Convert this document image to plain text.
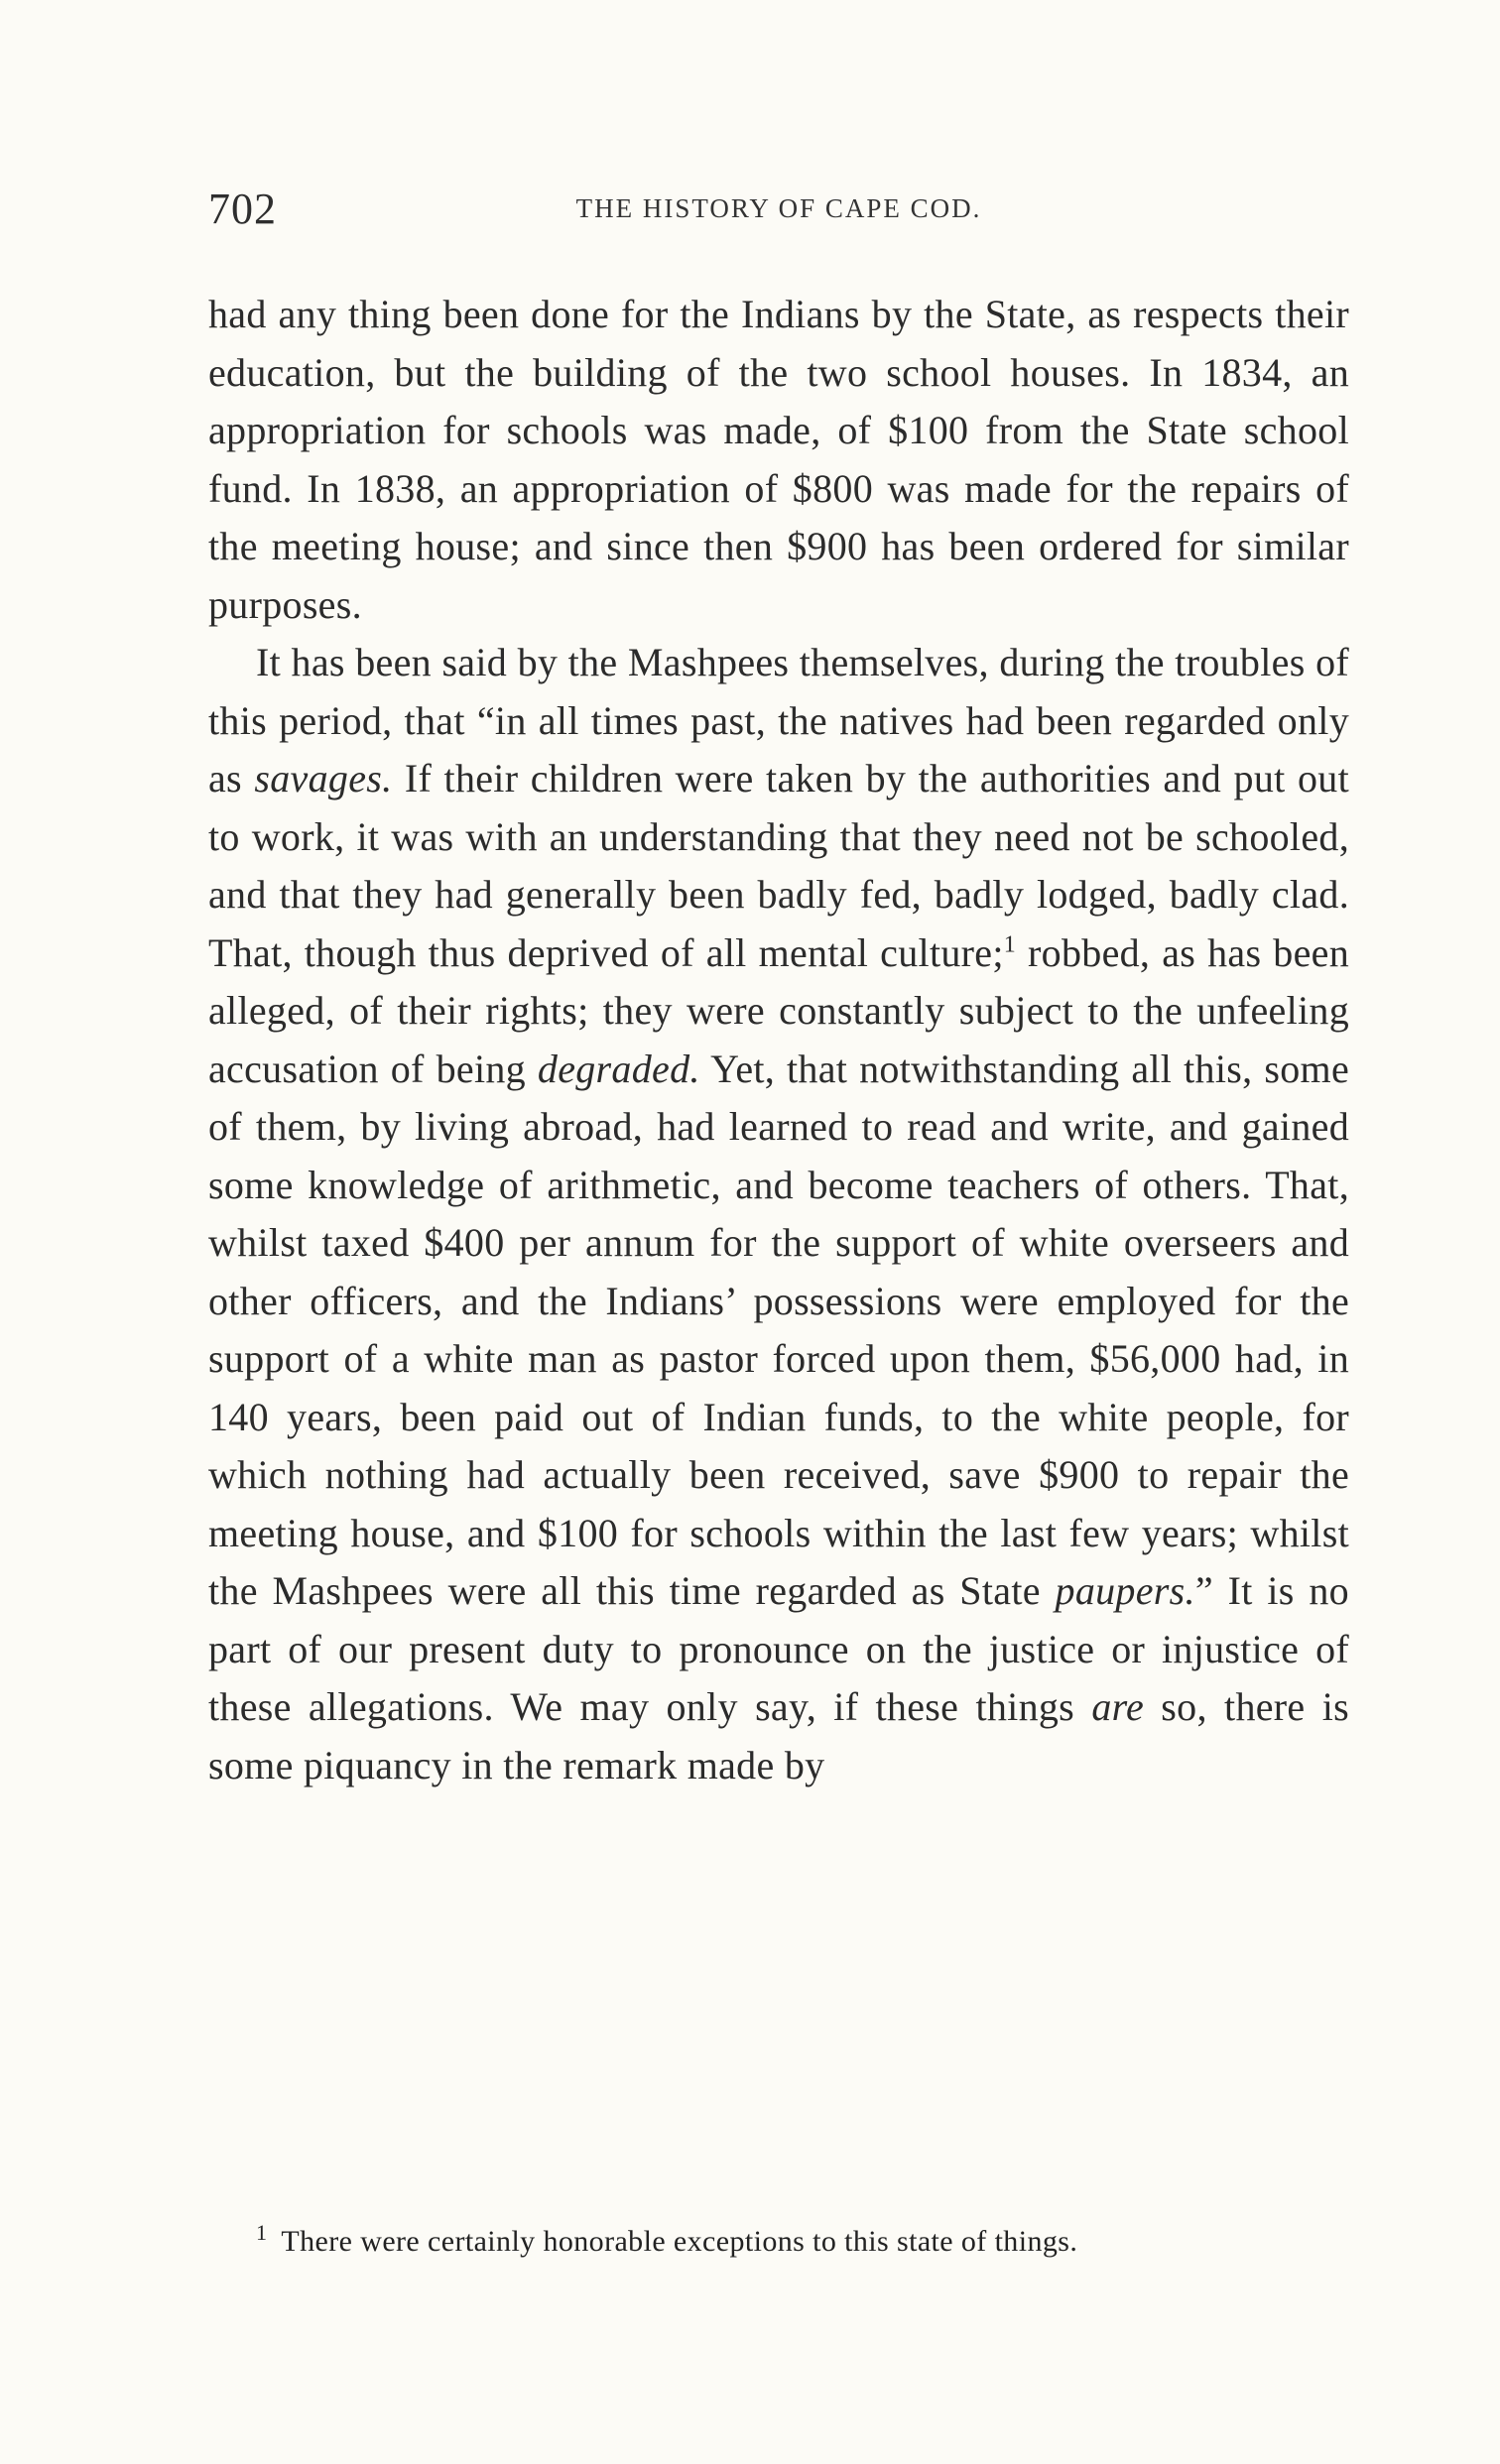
702	THE HISTORY OF CAPE COD.

had any thing been done for the Indians by the State, as respects their education, but the building of the two school houses. In 1834, an appropriation for schools was made, of $100 from the State school fund. In 1838, an appropriation of $800 was made for the repairs of the meeting house; and since then $900 has been ordered for similar purposes.

It has been said by the Mashpees themselves, during the troubles of this period, that “in all times past, the natives had been regarded only as savages. If their children were taken by the authorities and put out to work, it was with an understanding that they need not be schooled, and that they had generally been badly fed, badly lodged, badly clad. That, though thus deprived of all mental culture;$^1$ robbed, as has been alleged, of their rights; they were constantly subject to the unfeeling accusation of being degraded. Yet, that notwithstanding all this, some of them, by living abroad, had learned to read and write, and gained some knowledge of arithmetic, and become teachers of others. That, whilst taxed $400 per annum for the support of white overseers and other officers, and the Indians’ possessions were employed for the support of a white man as pastor forced upon them, $56,000 had, in 140 years, been paid out of Indian funds, to the white people, for which nothing had actually been received, save $900 to repair the meeting house, and $100 for schools within the last few years; whilst the Mashpees were all this time regarded as State paupers.” It is no part of our present duty to pronounce on the justice or injustice of these allegations. We may only say, if these things are so, there is some piquancy in the remark made by

1 There were certainly honorable exceptions to this state of things.
